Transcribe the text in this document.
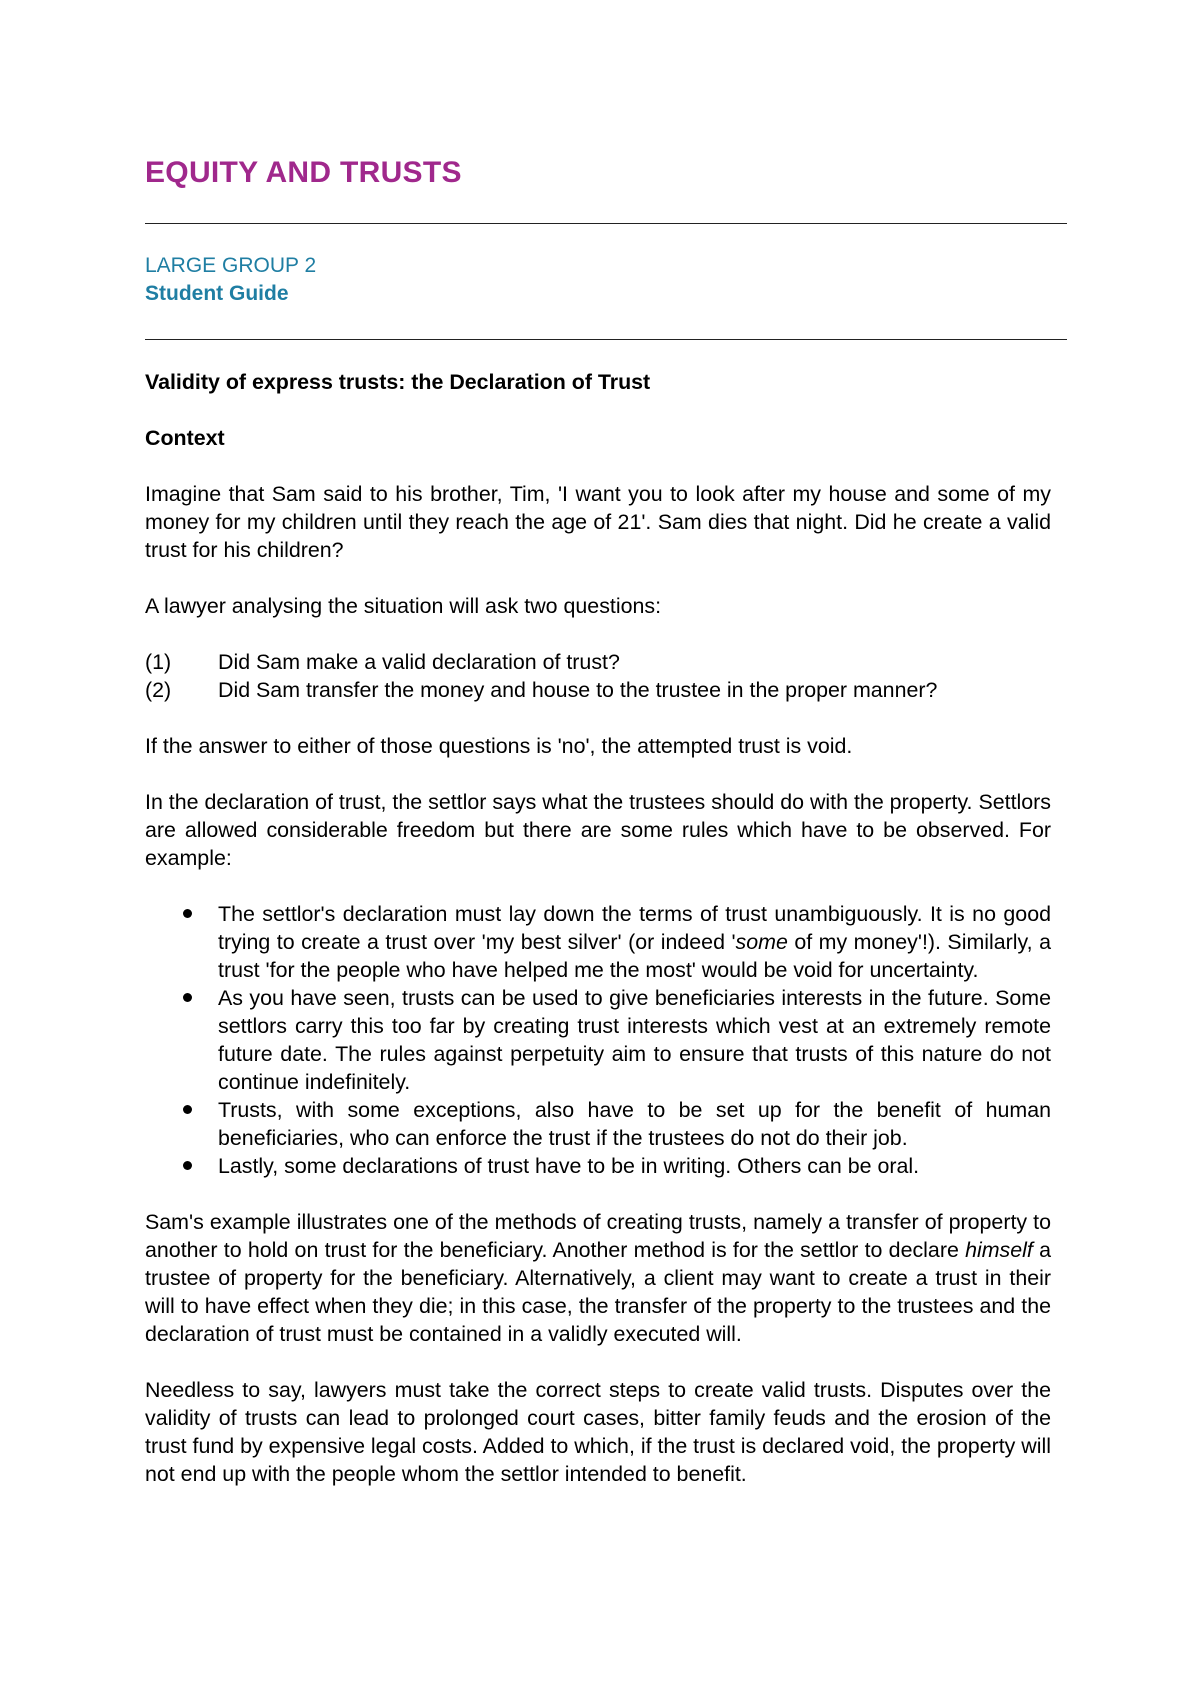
EQUITY AND TRUSTS
LARGE GROUP 2
Student Guide

Validity of express trusts: the Declaration of Trust

Context

Imagine that Sam said to his brother, Tim, 'I want you to look after my house and some of my money for my children until they reach the age of 21'. Sam dies that night. Did he create a valid trust for his children?

A lawyer analysing the situation will ask two questions:

(1)	Did Sam make a valid declaration of trust?
(2)	Did Sam transfer the money and house to the trustee in the proper manner?

If the answer to either of those questions is 'no', the attempted trust is void.

In the declaration of trust, the settlor says what the trustees should do with the property. Settlors are allowed considerable freedom but there are some rules which have to be observed. For example:

The settlor's declaration must lay down the terms of trust unambiguously. It is no good trying to create a trust over 'my best silver' (or indeed 'some of my money'!). Similarly, a trust 'for the people who have helped me the most' would be void for uncertainty.
As you have seen, trusts can be used to give beneficiaries interests in the future. Some settlors carry this too far by creating trust interests which vest at an extremely remote future date. The rules against perpetuity aim to ensure that trusts of this nature do not continue indefinitely.
Trusts, with some exceptions, also have to be set up for the benefit of human beneficiaries, who can enforce the trust if the trustees do not do their job.
Lastly, some declarations of trust have to be in writing. Others can be oral.

Sam's example illustrates one of the methods of creating trusts, namely a transfer of property to another to hold on trust for the beneficiary. Another method is for the settlor to declare himself a trustee of property for the beneficiary. Alternatively, a client may want to create a trust in their will to have effect when they die; in this case, the transfer of the property to the trustees and the declaration of trust must be contained in a validly executed will.

Needless to say, lawyers must take the correct steps to create valid trusts. Disputes over the validity of trusts can lead to prolonged court cases, bitter family feuds and the erosion of the trust fund by expensive legal costs. Added to which, if the trust is declared void, the property will not end up with the people whom the settlor intended to benefit.
